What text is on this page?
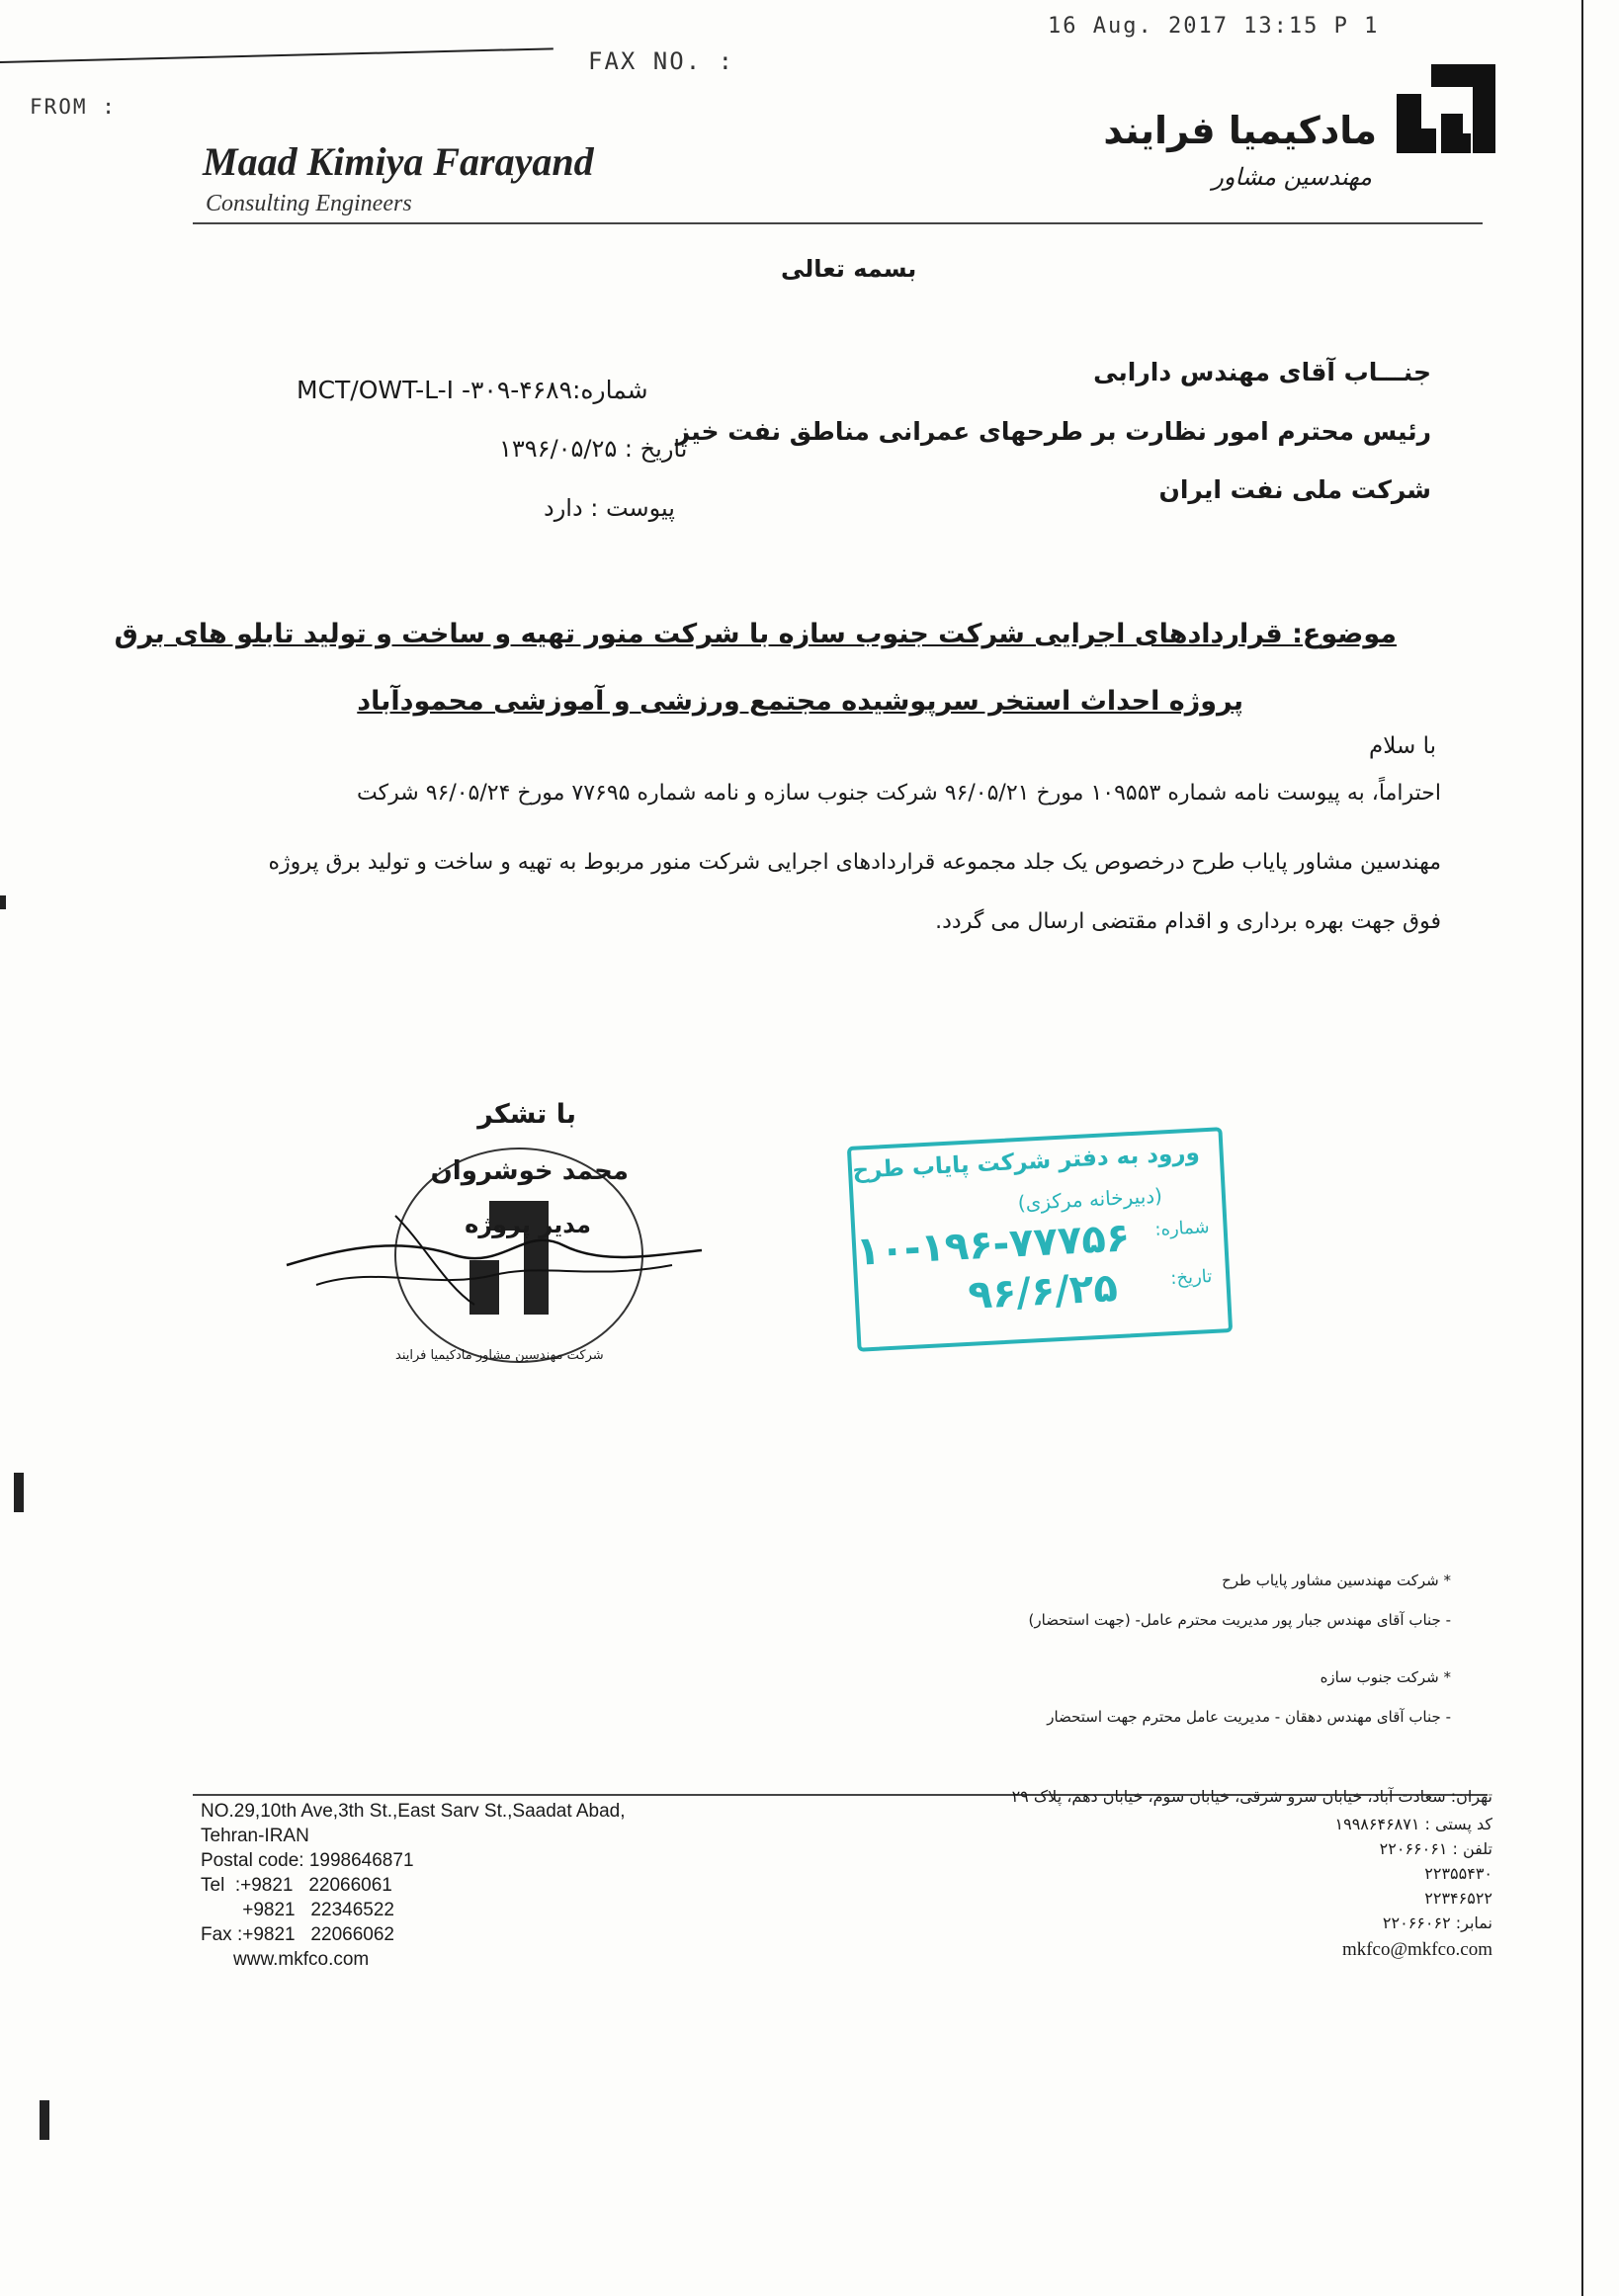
16 Aug. 2017 13:15 P 1
FAX NO. :
FROM :
Maad Kimiya Farayand
Consulting Engineers
مادکیمیا فرایند
مهندسین مشاور
بسمه تعالی
جنـــاب آقای مهندس دارابی
رئیس محترم امور نظارت بر طرحهای عمرانی مناطق نفت خیز
شرکت ملی نفت ایران
شماره:۴۶۸۹-MCT/OWT-L-I -۳۰۹
تاریخ : ۱۳۹۶/۰۵/۲۵
پیوست : دارد
موضوع: قراردادهای اجرایی شرکت جنوب سازه با شرکت منور تهیه و ساخت و تولید تابلو های برق
پروژه احداث استخر سرپوشیده مجتمع ورزشی و آموزشی محمودآباد
با سلام
احتراماً، به پیوست نامه شماره ۱۰۹۵۵۳ مورخ ۹۶/۰۵/۲۱ شرکت جنوب سازه و نامه شماره ۷۷۶۹۵ مورخ ۹۶/۰۵/۲۴ شرکت
مهندسین مشاور پایاب طرح درخصوص یک جلد مجموعه قراردادهای اجرایی شرکت منور مربوط به تهیه و ساخت و تولید برق پروژه
فوق جهت بهره برداری و اقدام مقتضی ارسال می گردد.
با تشکر
محمد خوشروان
مدیر پروژه
شرکت مهندسین مشاور مادکیمیا فرایند
ورود به دفتر شرکت پایاب طرح
(دبیرخانه مرکزی)
شماره:
۱۰-۱۹۶-۷۷۷۵۶
تاریخ:
۹۶/۶/۲۵
* شرکت مهندسین مشاور پایاب طرح
- جناب آقای مهندس جبار پور مدیریت محترم عامل- (جهت استحضار)
* شرکت جنوب سازه
- جناب آقای مهندس دهقان - مدیریت عامل محترم جهت استحضار
NO.29,10th Ave,3th St.,East Sarv St.,Saadat Abad,
Tehran-IRAN
Postal code: 1998646871
Tel  :+9821   22066061
+9821   22346522
Fax :+9821   22066062
www.mkfco.com
تهران: سعادت آباد، خیابان سرو شرقی، خیابان سوم، خیابان دهم، پلاک ۲۹
کد پستی : ۱۹۹۸۶۴۶۸۷۱
تلفن : ۲۲۰۶۶۰۶۱
۲۲۳۵۵۴۳۰
۲۲۳۴۶۵۲۲
نمابر: ۲۲۰۶۶۰۶۲
mkfco@mkfco.com
